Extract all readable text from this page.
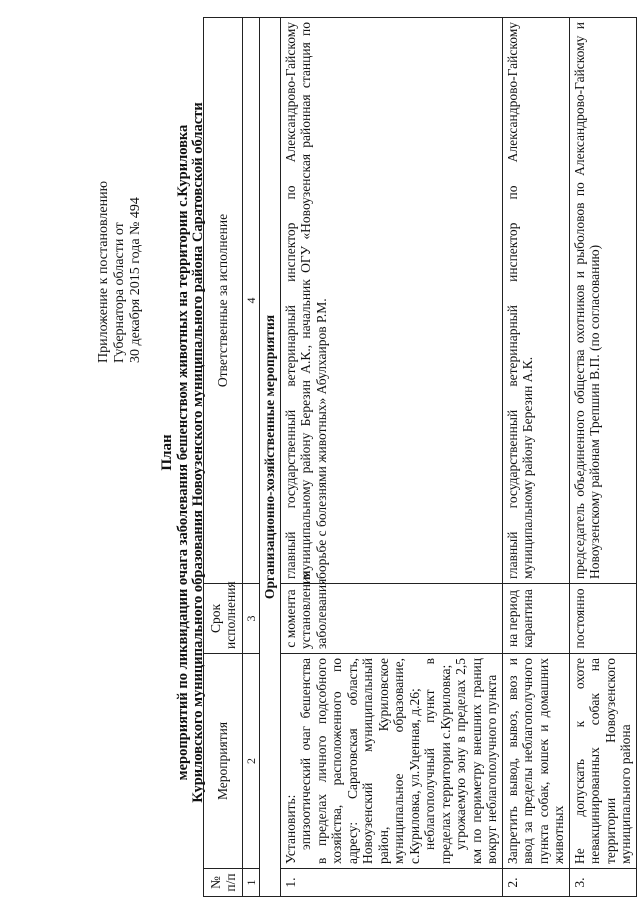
Приложение к постановлению Губернатора области от 30 декабря 2015 года № 494
План мероприятий по ликвидации очага заболевания бешенством животных на территории с.Куриловка Куриловского муниципального образования Новоузенского муниципального района Саратовской области
№ п/п	Мероприятия	Срок исполнения	Ответственные за исполнение
1	2	3	4
Организационно-хозяйственные мероприятия			
1.	Установить: эпизоотический очаг бешенства в пределах личного подсобного хозяйства, расположенного по адресу: Саратовская область, Новоузенский муниципальный район, Куриловское муниципальное образование, с.Куриловка, ул.Уценная, д.26; неблагополучный пункт в пределах территории с.Куриловка; угрожаемую зону в пределах 2,5 км по периметру внешних границ вокруг неблагополучного пункта	с момента установления заболевания	главный государственный ветеринарный инспектор по Александрово-Гайскому муниципальному району Березин А.К., начальник ОГУ «Новоузенская районная станция по борьбе с болезнями животных» Абулхаиров Р.М.
2.	Запретить вывод, вывоз, ввоз и ввод за пределы неблагополучного пункта собак, кошек и домашних животных	на период карантина	главный государственный ветеринарный инспектор по Александрово-Гайскому муниципальному району Березин А.К.
3.	Не допускать к охоте невакцинированных собак на территории Новоузенского муниципального района	постоянно	председатель объединенного общества охотников и рыболовов по Александрово-Гайскому и Новоузенскому районам Трепшин В.П. (по согласованию)
